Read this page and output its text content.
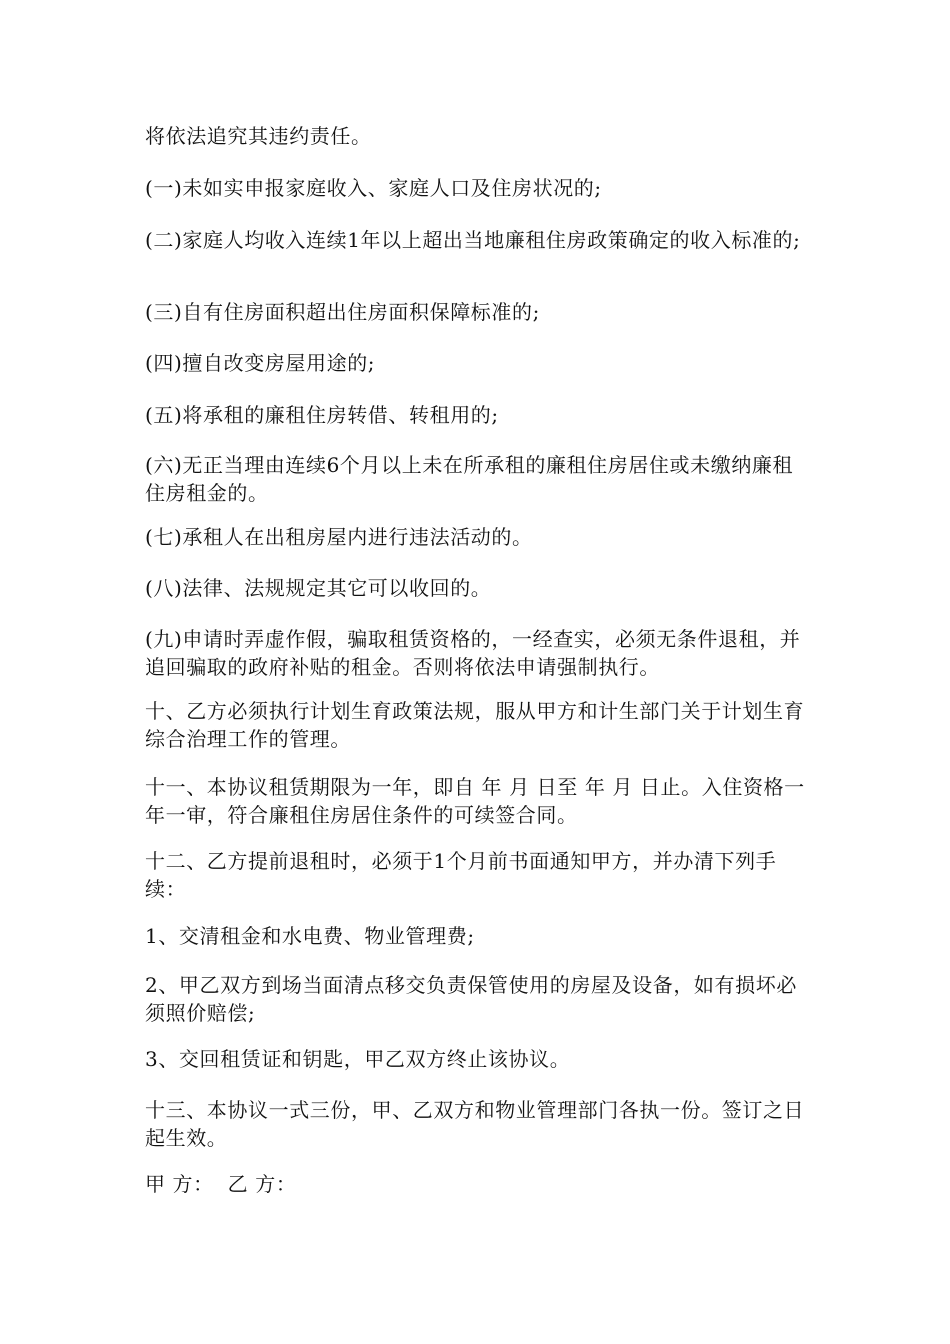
将依法追究其违约责任。

(一)未如实申报家庭收入、家庭人口及住房状况的;

(二)家庭人均收入连续1年以上超出当地廉租住房政策确定的收入标准的;

(三)自有住房面积超出住房面积保障标准的;

(四)擅自改变房屋用途的;

(五)将承租的廉租住房转借、转租用的;

(六)无正当理由连续6个月以上未在所承租的廉租住房居住或未缴纳廉租住房租金的。

(七)承租人在出租房屋内进行违法活动的。

(八)法律、法规规定其它可以收回的。

(九)申请时弄虚作假，骗取租赁资格的，一经查实，必须无条件退租，并追回骗取的政府补贴的租金。否则将依法申请强制执行。

十、乙方必须执行计划生育政策法规，服从甲方和计生部门关于计划生育综合治理工作的管理。

十一、本协议租赁期限为一年，即自 年 月 日至 年 月 日止。入住资格一年一审，符合廉租住房居住条件的可续签合同。

十二、乙方提前退租时，必须于1个月前书面通知甲方，并办清下列手续：

1、交清租金和水电费、物业管理费;

2、甲乙双方到场当面清点移交负责保管使用的房屋及设备，如有损坏必须照价赔偿;

3、交回租赁证和钥匙，甲乙双方终止该协议。

十三、本协议一式三份，甲、乙双方和物业管理部门各执一份。签订之日起生效。

甲 方：  乙 方：
